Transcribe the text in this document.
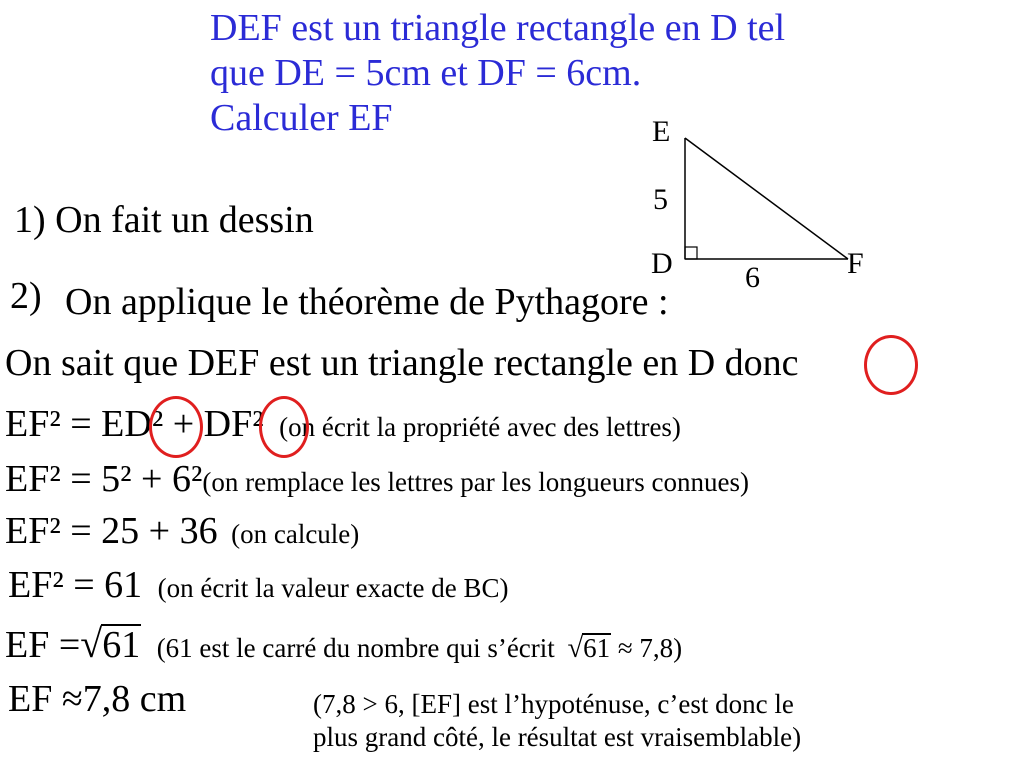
DEF est un triangle rectangle en D tel
que DE = 5cm et DF = 6cm.
Calculer EF	E
5
D 6	F
1) On fait un dessin
2) On applique le théorème de Pythagore :
On sait que DEF est un triangle rectangle en D donc
EF² = ED² + DF² (on écrit la propriété avec des lettres)
EF² = 5² + 6²(on remplace les lettres par les longueurs connues)
EF² = 25 + 36 (on calcule)
EF² = 61 (on écrit la valeur exacte de BC)
EF =√61 (61 est le carré du nombre qui s’écrit √61 ≈ 7,8)
EF ≈7,8 cm	(7,8 > 6, [EF] est l’hypoténuse, c’est donc le
plus grand côté, le résultat est vraisemblable)
